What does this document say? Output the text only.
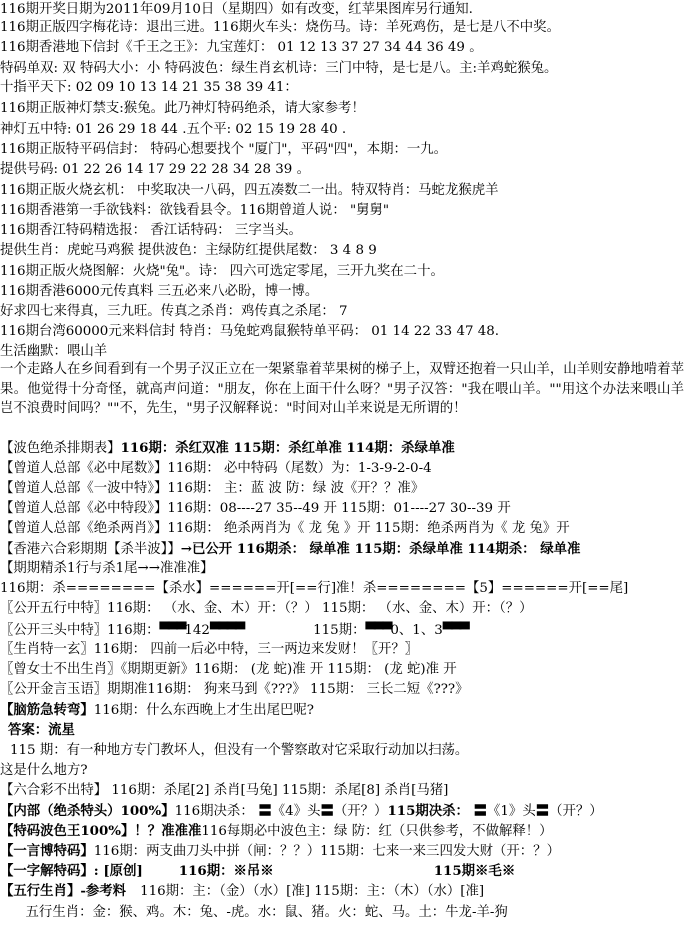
116期开奖日期为2011年09月10日（星期四）如有改变，红苹果图库另行通知.
116期正版四字梅花诗：退出三进。116期火车头：烧伤马。诗：羊死鸡伤，是七是八不中奖。
116期香港地下信封《千王之王》：九宝莲灯： 01 12 13 37 27 34 44 36 49 。
特码单双: 双 特码大小：小 特码波色：绿生肖玄机诗：三门中特，是七是八。主:羊鸡蛇猴兔。
十指平天下: 02 09 10 13 14 21 35 38 39 41：
116期正版神灯禁支:猴兔。此乃神灯特码绝杀，请大家参考！
神灯五中特: 01 26 29 18 44 .五个平: 02 15 19 28 40 .
116期正版特平码信封： 特码心想要找个 "厦门"，平码"四"，本期：一九。
提供号码: 01 22 26 14 17 29 22 28 34 28 39 。
116期正版火烧玄机： 中奖取决一八码，四五凑数二一出。特双特肖：马蛇龙猴虎羊
116期香港第一手欲钱料：欲钱看县令。116期曾道人说： "舅舅"
116期香江特码精选报： 香江话特码： 三字当头。
提供生肖：虎蛇马鸡猴 提供波色：主绿防红提供尾数： 3 4 8 9
116期正版火烧图解：火烧"兔"。诗： 四六可选定零尾，三开九奖在二十。
116期香港6000元传真料 三五必来八必盼，博一博。
好求四七来得真，三九旺。传真之杀肖：鸡传真之杀尾： 7
116期台湾60000元来料信封 特肖：马兔蛇鸡鼠猴特单平码： 01 14 22 33 47 48.
生活幽默：喂山羊
一个走路人在乡间看到有一个男子汉正立在一架紧靠着苹果树的梯子上，双臂还抱着一只山羊，山羊则安静地啃着苹果。他觉得十分奇怪，就高声问道："朋友，你在上面干什么呀？"男子汉答："我在喂山羊。""用这个办法来喂山羊岂不浪费时间吗？""不，先生，"男子汉解释说："时间对山羊来说是无所谓的！
【波色绝杀排期表】116期：杀红双准 115期：杀红单准 114期：杀绿单准
【曾道人总部《必中尾数》】116期： 必中特码（尾数）为：1-3-9-2-0-4
【曾道人总部《一波中特》】116期： 主：蓝 波 防：绿 波《开？？准》
【曾道人总部《必中特段》】116期：08----27 35--49 开 115期：01----27 30--39 开
【曾道人总部《绝杀两肖》】116期： 绝杀两肖为《 龙 兔 》开 115期：绝杀两肖为《 龙 兔》开
【香港六合彩期期【杀半波】】→已公开 116期杀： 绿单准 115期：杀绿单准 114期杀： 绿单准
【期期精杀1行与杀1尾→→准准准】
116期：杀========【杀水】======开[==行]准！杀========【5】======开[==尾]
〖公开五行中特〗116期： （水、金、木）开：（？） 115期： （水、金、木）开：（？）
〖公开三头中特〗116期：▀▀▀142▀▀▀▀	115期：▀▀▀0、1、3▀▀▀
〖生肖特一玄〗116期： 四前一后必中特，三一两边来发财！〖开？〗
〖曾女士不出生肖〗《期期更新》116期： (龙 蛇)准 开 115期： (龙 蛇)准 开
〖公开金言玉语〗期期准116期： 狗来马到《???》 115期： 三长二短《???》
【脑筋急转弯】116期：什么东西晚上才生出尾巴呢?
答案：流星
115 期：有一种地方专门教坏人，但没有一个警察敢对它采取行动加以扫荡。
这是什么地方?
【六合彩不出特】 116期：杀尾[2] 杀肖[马兔] 115期：杀尾[8] 杀肖[马猪]
【内部（绝杀特头）100%】116期决杀： 〓《4》头〓（开？）115期决杀： 〓《1》头〓（开？）
【特码波色王100%】！？准准准116每期必中波色主：绿 防：红（只供参考，不做解释！）
【一言博特码】116期：两支曲刀头中拼（闸：？？）115期：七来一来三四发大财（开：？）
【一字解特码】: [原创]	116期：※吊※	115期※毛※
【五行生肖】-参考料 116期：主：（金）（水）[准] 115期：主：（木）（水）[准]
五行生肖：金：猴、鸡。木：兔、-虎。水：鼠、猪。火：蛇、马。土：牛龙-羊-狗
